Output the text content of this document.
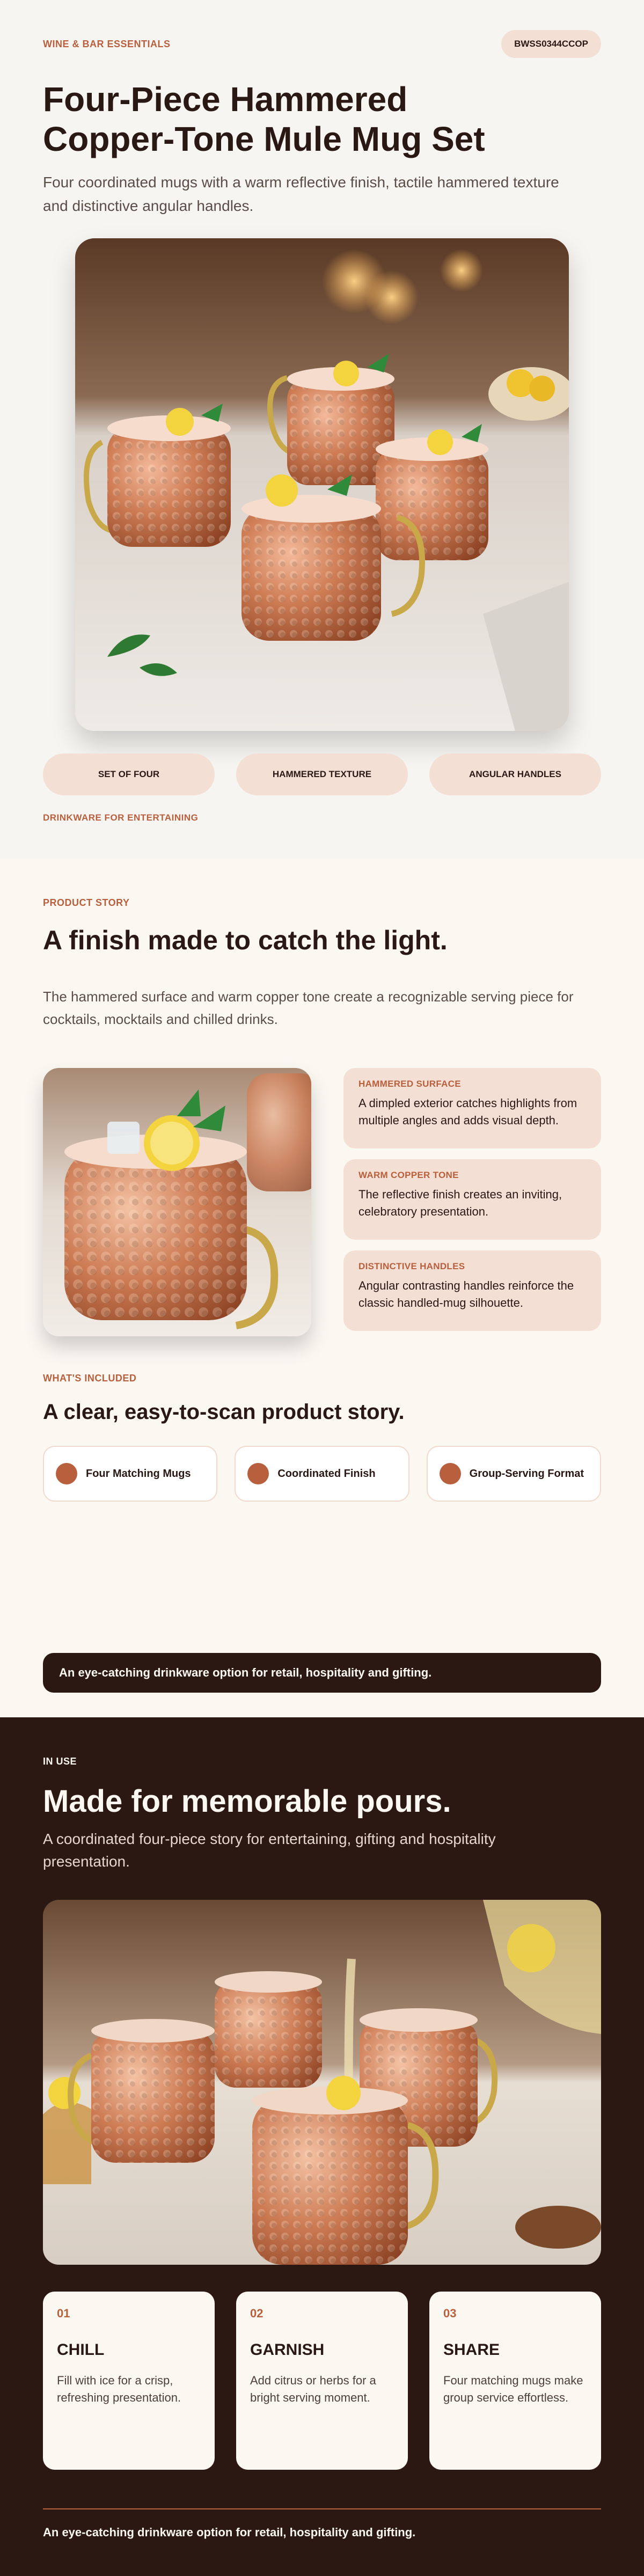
WINE & BAR ESSENTIALS	BWSS0344CCOP
Four-Piece Hammered
Copper-Tone Mule Mug Set

Four coordinated mugs with a warm reflective finish, tactile hammered texture and distinctive angular handles.

SET OF FOUR	HAMMERED TEXTURE	ANGULAR HANDLES
DRINKWARE FOR ENTERTAINING
PRODUCT STORY
A finish made to catch the light.

The hammered surface and warm copper tone create a recognizable serving piece for cocktails, mocktails and chilled drinks.

HAMMERED SURFACE
A dimpled exterior catches highlights from multiple angles and adds visual depth.
WARM COPPER TONE
The reflective finish creates an inviting, celebratory presentation.
DISTINCTIVE HANDLES
Angular contrasting handles reinforce the classic handled-mug silhouette.
WHAT'S INCLUDED
A clear, easy-to-scan product story.
Four Matching Mugs	Coordinated Finish	Group-Serving Format
An eye-catching drinkware option for retail, hospitality and gifting.
IN USE
Made for memorable pours.

A coordinated four-piece story for entertaining, gifting and hospitality presentation.

01
CHILL
Fill with ice for a crisp, refreshing presentation.
02
GARNISH
Add citrus or herbs for a bright serving moment.
03
SHARE
Four matching mugs make group service effortless.
An eye-catching drinkware option for retail, hospitality and gifting.
